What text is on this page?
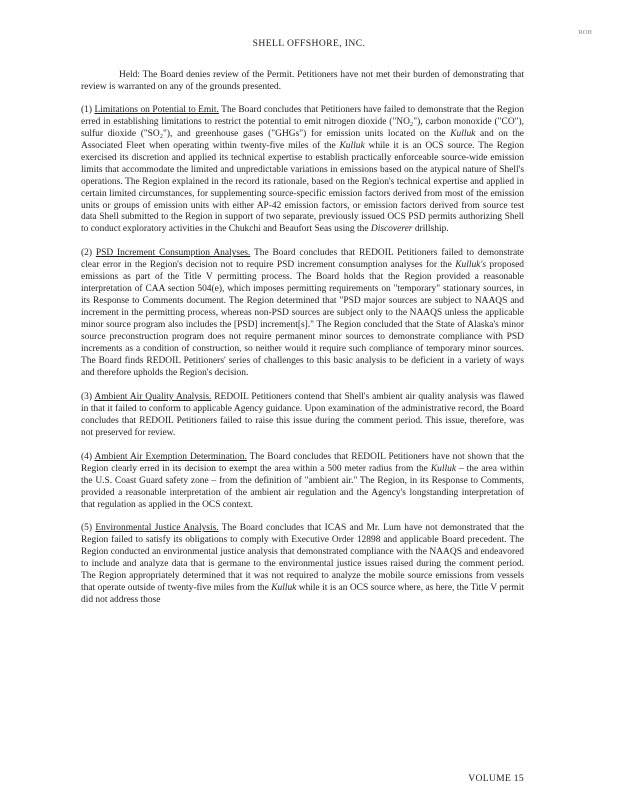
ROH
SHELL OFFSHORE, INC.

Held: The Board denies review of the Permit. Petitioners have not met their burden of demonstrating that review is warranted on any of the grounds presented.

(1) Limitations on Potential to Emit. The Board concludes that Petitioners have failed to demonstrate that the Region erred in establishing limitations to restrict the potential to emit nitrogen dioxide ("NO₂"), carbon monoxide ("CO"), sulfur dioxide ("SO₂"), and greenhouse gases ("GHGs") for emission units located on the Kulluk and on the Associated Fleet when operating within twenty-five miles of the Kulluk while it is an OCS source. The Region exercised its discretion and applied its technical expertise to establish practically enforceable source-wide emission limits that accommodate the limited and unpredictable variations in emissions based on the atypical nature of Shell's operations. The Region explained in the record its rationale, based on the Region's technical expertise and applied in certain limited circumstances, for supplementing source-specific emission factors derived from most of the emission units or groups of emission units with either AP-42 emission factors, or emission factors derived from source test data Shell submitted to the Region in support of two separate, previously issued OCS PSD permits authorizing Shell to conduct exploratory activities in the Chukchi and Beaufort Seas using the Discoverer drillship.

(2) PSD Increment Consumption Analyses. The Board concludes that REDOIL Petitioners failed to demonstrate clear error in the Region's decision not to require PSD increment consumption analyses for the Kulluk's proposed emissions as part of the Title V permitting process. The Board holds that the Region provided a reasonable interpretation of CAA section 504(e), which imposes permitting requirements on "temporary" stationary sources, in its Response to Comments document. The Region determined that "PSD major sources are subject to NAAQS and increment in the permitting process, whereas non-PSD sources are subject only to the NAAQS unless the applicable minor source program also includes the [PSD] increment[s]." The Region concluded that the State of Alaska's minor source preconstruction program does not require permanent minor sources to demonstrate compliance with PSD increments as a condition of construction, so neither would it require such compliance of temporary minor sources. The Board finds REDOIL Petitioners' series of challenges to this basic analysis to be deficient in a variety of ways and therefore upholds the Region's decision.

(3) Ambient Air Quality Analysis. REDOIL Petitioners contend that Shell's ambient air quality analysis was flawed in that it failed to conform to applicable Agency guidance. Upon examination of the administrative record, the Board concludes that REDOIL Petitioners failed to raise this issue during the comment period. This issue, therefore, was not preserved for review.

(4) Ambient Air Exemption Determination. The Board concludes that REDOIL Petitioners have not shown that the Region clearly erred in its decision to exempt the area within a 500 meter radius from the Kulluk – the area within the U.S. Coast Guard safety zone – from the definition of "ambient air." The Region, in its Response to Comments, provided a reasonable interpretation of the ambient air regulation and the Agency's longstanding interpretation of that regulation as applied in the OCS context.

(5) Environmental Justice Analysis. The Board concludes that ICAS and Mr. Lum have not demonstrated that the Region failed to satisfy its obligations to comply with Executive Order 12898 and applicable Board precedent. The Region conducted an environmental justice analysis that demonstrated compliance with the NAAQS and endeavored to include and analyze data that is germane to the environmental justice issues raised during the comment period. The Region appropriately determined that it was not required to analyze the mobile source emissions from vessels that operate outside of twenty-five miles from the Kulluk while it is an OCS source where, as here, the Title V permit did not address those

VOLUME 15
